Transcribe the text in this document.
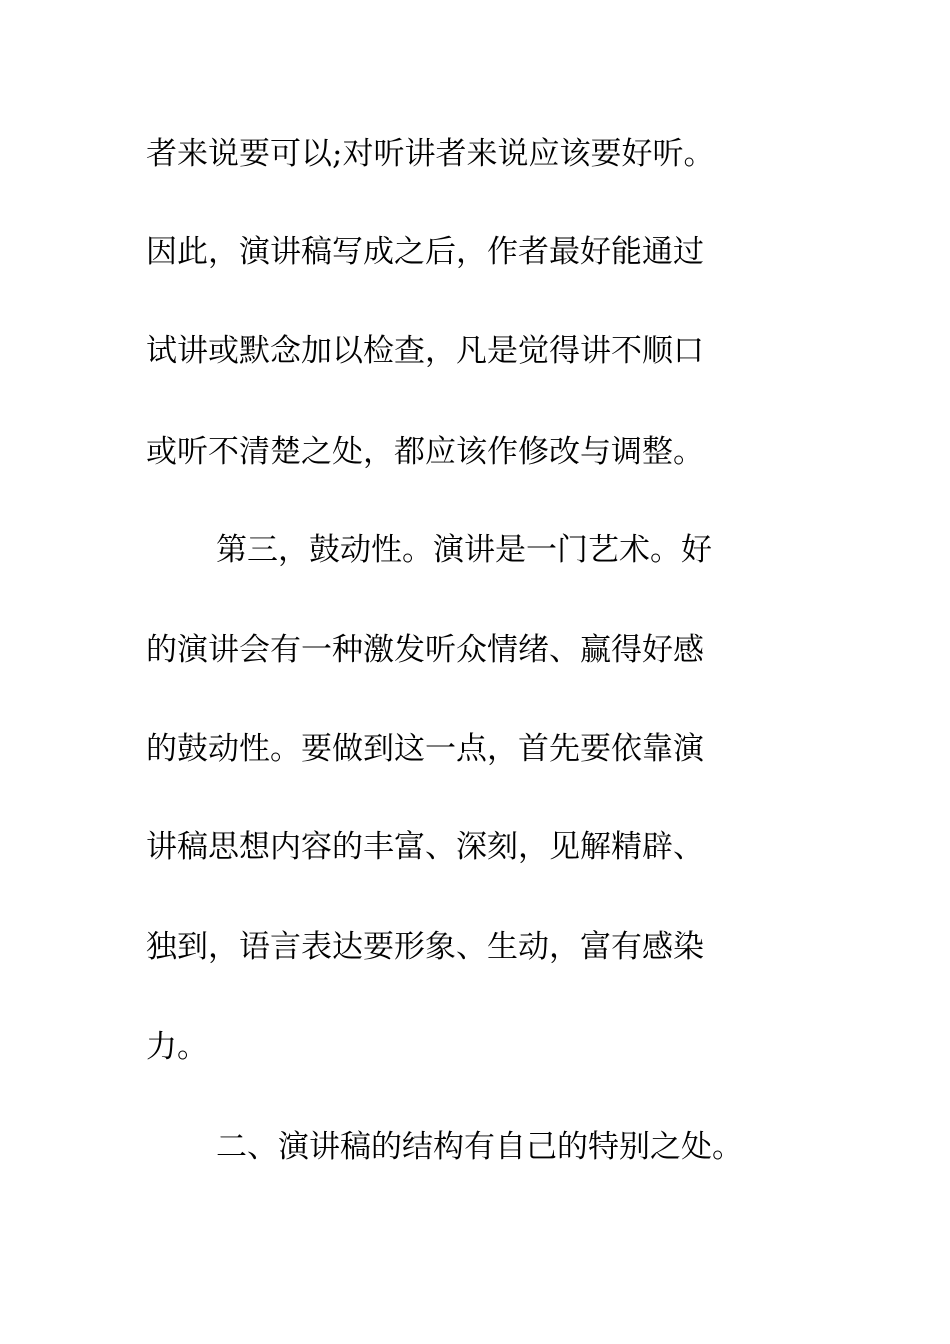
者来说要可以;对听讲者来说应该要好听。
因此，演讲稿写成之后，作者最好能通过
试讲或默念加以检查，凡是觉得讲不顺口
或听不清楚之处，都应该作修改与调整。
第三，鼓动性。演讲是一门艺术。好
的演讲会有一种激发听众情绪、赢得好感
的鼓动性。要做到这一点，首先要依靠演
讲稿思想内容的丰富、深刻，见解精辟、
独到，语言表达要形象、生动，富有感染
力。
二、演讲稿的结构有自己的特别之处。
